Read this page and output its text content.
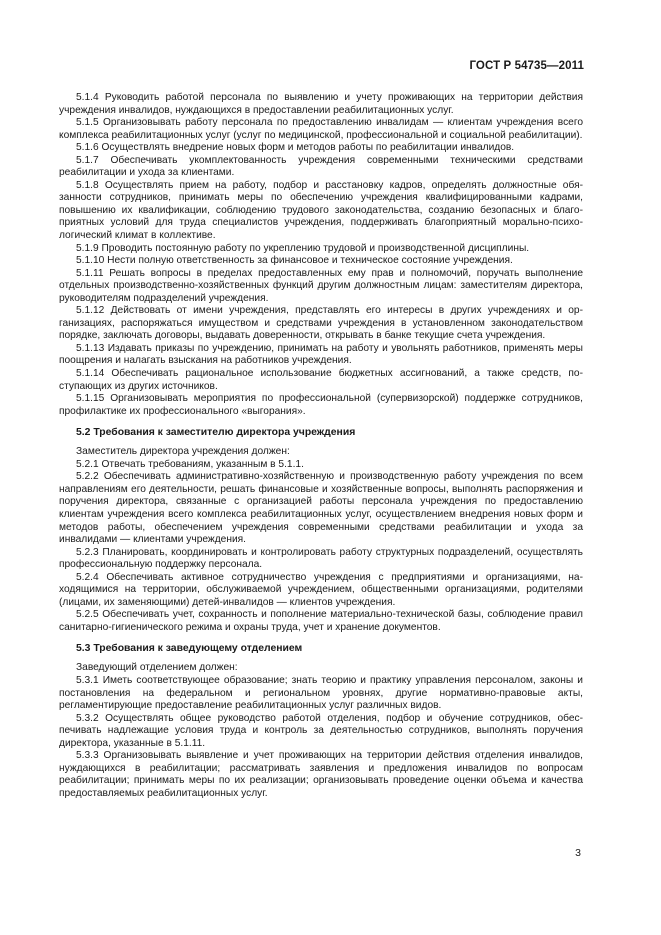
ГОСТ Р 54735—2011

5.1.4 Руководить работой персонала по выявлению и учету проживающих на территории действия учреждения инвалидов, нуждающихся в предоставлении реабилитационных услуг.

5.1.5 Организовывать работу персонала по предоставлению инвалидам — клиентам учреждения всего комплекса реабилитационных услуг (услуг по медицинской, профессиональной и социальной реабилитации).

5.1.6 Осуществлять внедрение новых форм и методов работы по реабилитации инвалидов.

5.1.7 Обеспечивать укомплектованность учреждения современными техническими средствами реабилитации и ухода за клиентами.

5.1.8 Осуществлять прием на работу, подбор и расстановку кадров, определять должностные обязанности сотрудников, принимать меры по обеспечению учреждения квалифицированными кадрами, повышению их квалификации, соблюдению трудового законодательства, созданию безопасных и благоприятных условий для труда специалистов учреждения, поддерживать благоприятный морально-психологический климат в коллективе.

5.1.9 Проводить постоянную работу по укреплению трудовой и производственной дисциплины.

5.1.10 Нести полную ответственность за финансовое и техническое состояние учреждения.

5.1.11 Решать вопросы в пределах предоставленных ему прав и полномочий, поручать выполнение отдельных производственно-хозяйственных функций другим должностным лицам: заместителям директора, руководителям подразделений учреждения.

5.1.12 Действовать от имени учреждения, представлять его интересы в других учреждениях и организациях, распоряжаться имуществом и средствами учреждения в установленном законодательством порядке, заключать договоры, выдавать доверенности, открывать в банке текущие счета учреждения.

5.1.13 Издавать приказы по учреждению, принимать на работу и увольнять работников, применять меры поощрения и налагать взыскания на работников учреждения.

5.1.14 Обеспечивать рациональное использование бюджетных ассигнований, а также средств, поступающих из других источников.

5.1.15 Организовывать мероприятия по профессиональной (супервизорской) поддержке сотрудников, профилактике их профессионального «выгорания».

5.2 Требования к заместителю директора учреждения

Заместитель директора учреждения должен:

5.2.1 Отвечать требованиям, указанным в 5.1.1.

5.2.2 Обеспечивать административно-хозяйственную и производственную работу учреждения по всем направлениям его деятельности, решать финансовые и хозяйственные вопросы, выполнять распоряжения и поручения директора, связанные с организацией работы персонала учреждения по предоставлению клиентам учреждения всего комплекса реабилитационных услуг, осуществлением внедрения новых форм и методов работы, обеспечением учреждения современными средствами реабилитации и ухода за инвалидами — клиентами учреждения.

5.2.3 Планировать, координировать и контролировать работу структурных подразделений, осуществлять профессиональную поддержку персонала.

5.2.4 Обеспечивать активное сотрудничество учреждения с предприятиями и организациями, находящимися на территории, обслуживаемой учреждением, общественными организациями, родителями (лицами, их заменяющими) детей-инвалидов — клиентов учреждения.

5.2.5 Обеспечивать учет, сохранность и пополнение материально-технической базы, соблюдение правил санитарно-гигиенического режима и охраны труда, учет и хранение документов.

5.3 Требования к заведующему отделением

Заведующий отделением должен:

5.3.1 Иметь соответствующее образование; знать теорию и практику управления персоналом, законы и постановления на федеральном и региональном уровнях, другие нормативно-правовые акты, регламентирующие предоставление реабилитационных услуг различных видов.

5.3.2 Осуществлять общее руководство работой отделения, подбор и обучение сотрудников, обеспечивать надлежащие условия труда и контроль за деятельностью сотрудников, выполнять поручения директора, указанные в 5.1.11.

5.3.3 Организовывать выявление и учет проживающих на территории действия отделения инвалидов, нуждающихся в реабилитации; рассматривать заявления и предложения инвалидов по вопросам реабилитации; принимать меры по их реализации; организовывать проведение оценки объема и качества предоставляемых реабилитационных услуг.

3
